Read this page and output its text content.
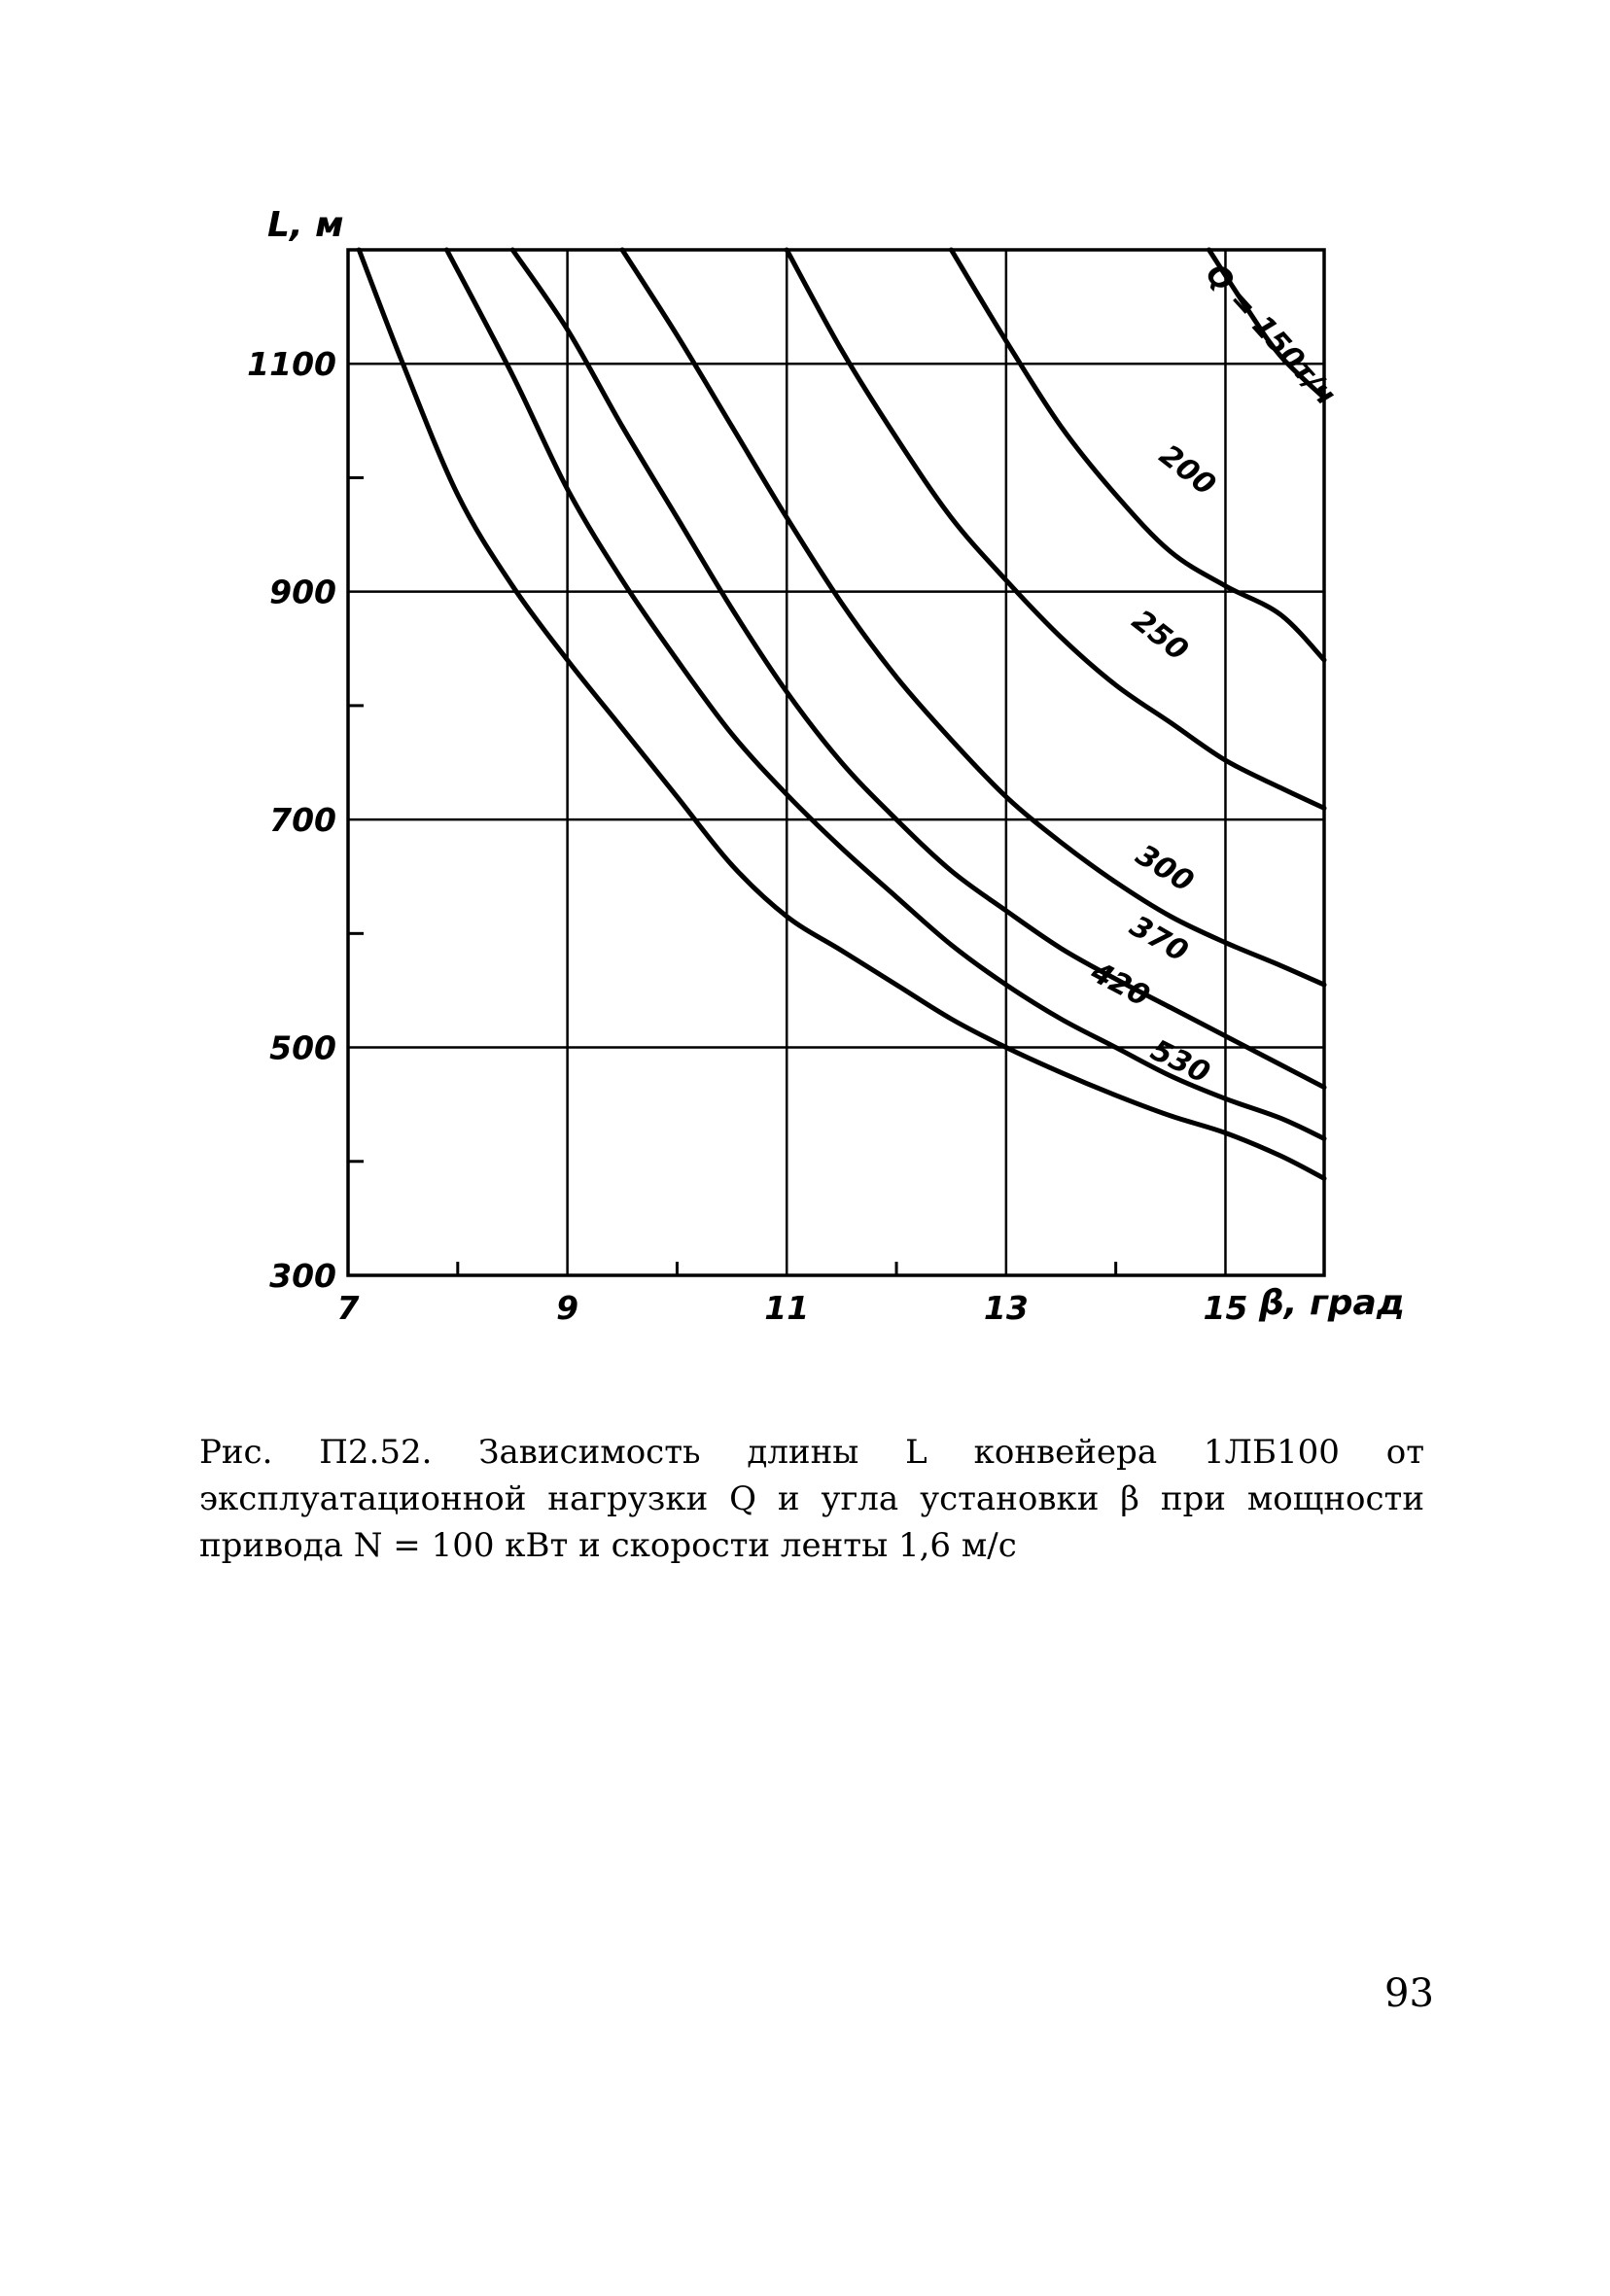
7	9	11	13	15
300
500
700
900
1100
L, м
β, град
Q = 150т/ч
200
250
300
370
420
530
Рис. П2.52. Зависимость длины L конвейера 1ЛБ100 от эксплуатационной нагрузки Q и угла установки β при мощности привода N = 100 кВт и скорости ленты 1,6 м/с
93
